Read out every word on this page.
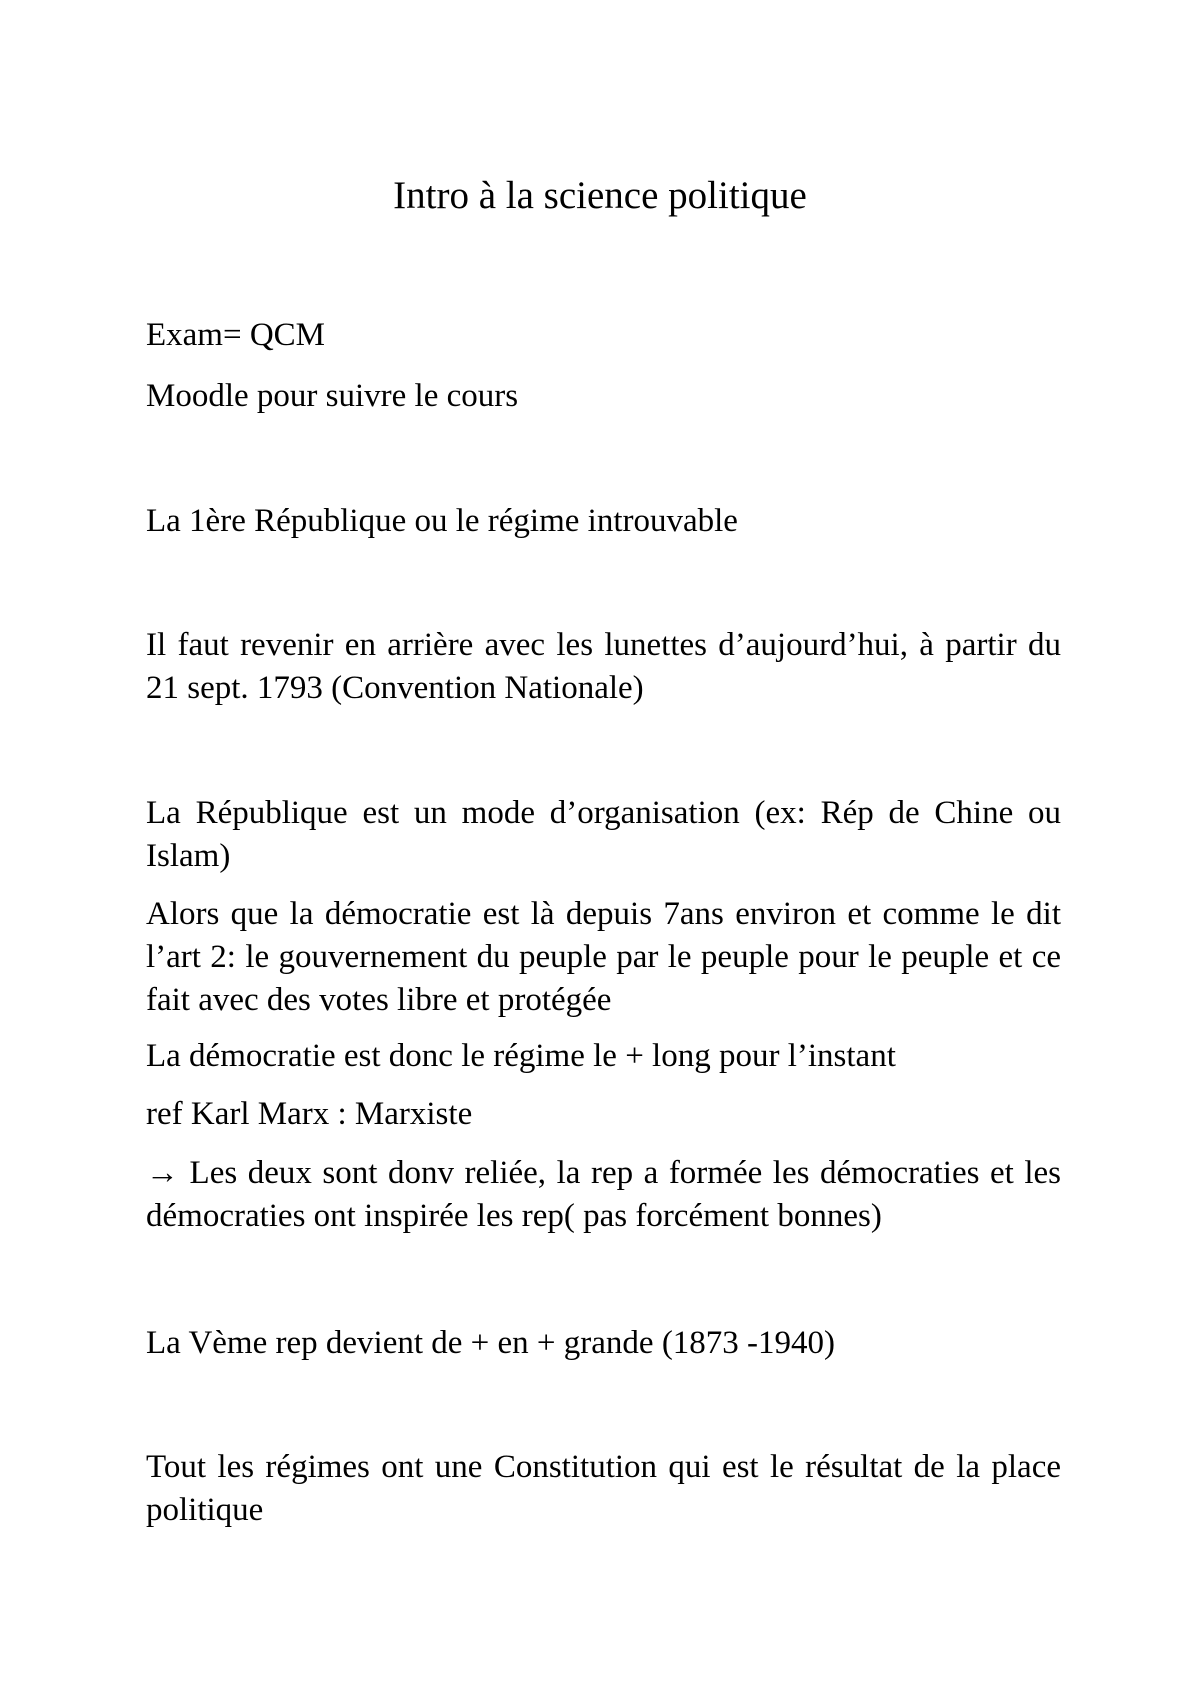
Intro à la science politique

Exam= QCM

Moodle pour suivre le cours

La 1ère République ou le régime introuvable

Il faut revenir en arrière avec les lunettes d’aujourd’hui, à partir du 21 sept. 1793 (Convention Nationale)

La République est un mode d’organisation (ex: Rép de Chine ou Islam)

Alors que la démocratie est là depuis 7ans environ et comme le dit l’art 2: le gouvernement du peuple par le peuple pour le peuple et ce fait avec des votes libre et protégée

La démocratie est donc le régime le + long pour l’instant

ref Karl Marx : Marxiste

→ Les deux sont donv reliée, la rep a formée les démocraties et les démocraties ont inspirée les rep( pas forcément bonnes)

La Vème rep devient de + en + grande (1873 -1940)

Tout les régimes ont une Constitution qui est le résultat de la place politique
